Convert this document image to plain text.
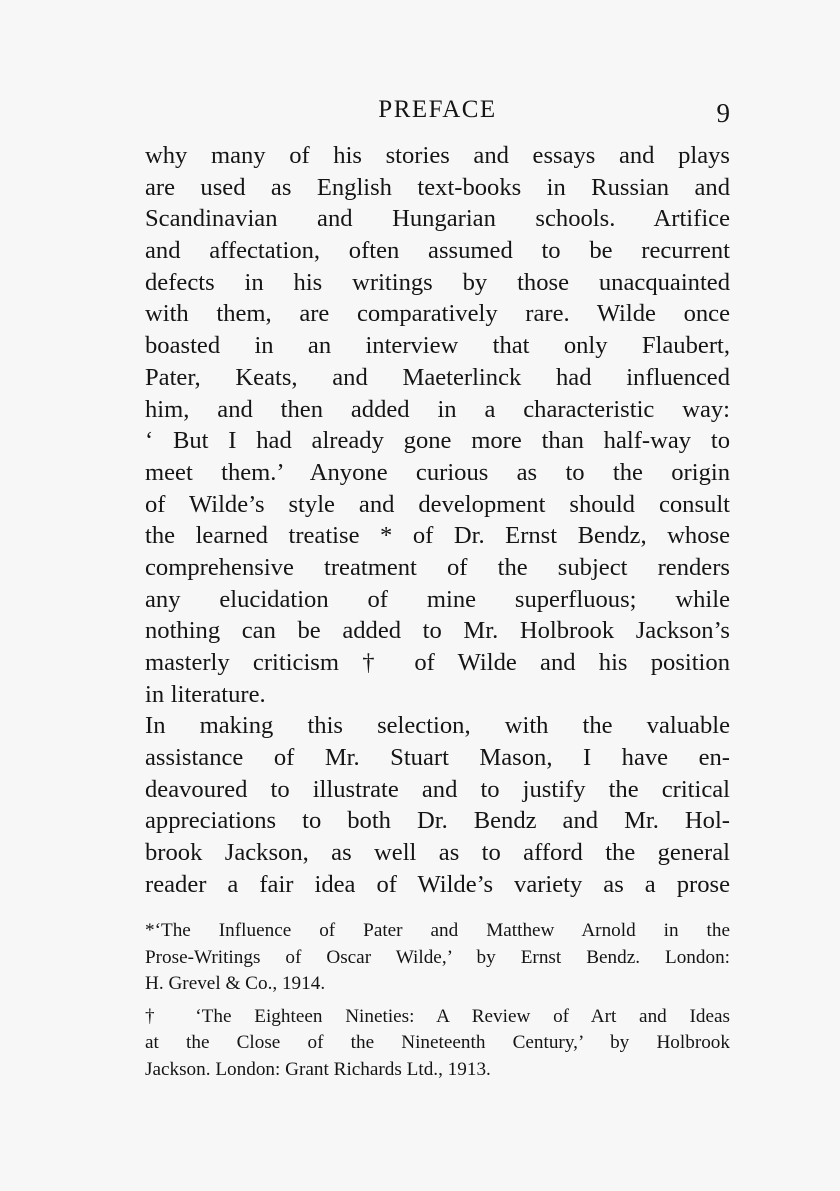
PREFACE	9
why many of his stories and essays and plays
are used as English text-books in Russian and
Scandinavian and Hungarian schools. Artifice
and affectation, often assumed to be recurrent
defects in his writings by those unacquainted
with them, are comparatively rare. Wilde once
boasted in an interview that only Flaubert,
Pater, Keats, and Maeterlinck had influenced
him, and then added in a characteristic way:
‘ But I had already gone more than half-way to
meet them.’ Anyone curious as to the origin
of Wilde’s style and development should consult
the learned treatise * of Dr. Ernst Bendz, whose
comprehensive treatment of the subject renders
any elucidation of mine superfluous; while
nothing can be added to Mr. Holbrook Jackson’s
masterly criticism † of Wilde and his position
in literature.
In making this selection, with the valuable
assistance of Mr. Stuart Mason, I have en-
deavoured to illustrate and to justify the critical
appreciations to both Dr. Bendz and Mr. Hol-
brook Jackson, as well as to afford the general
reader a fair idea of Wilde’s variety as a prose
*‘The Influence of Pater and Matthew Arnold in the
Prose-Writings of Oscar Wilde,’ by Ernst Bendz. London:
H. Grevel & Co., 1914.
† ‘The Eighteen Nineties: A Review of Art and Ideas
at the Close of the Nineteenth Century,’ by Holbrook
Jackson. London: Grant Richards Ltd., 1913.
